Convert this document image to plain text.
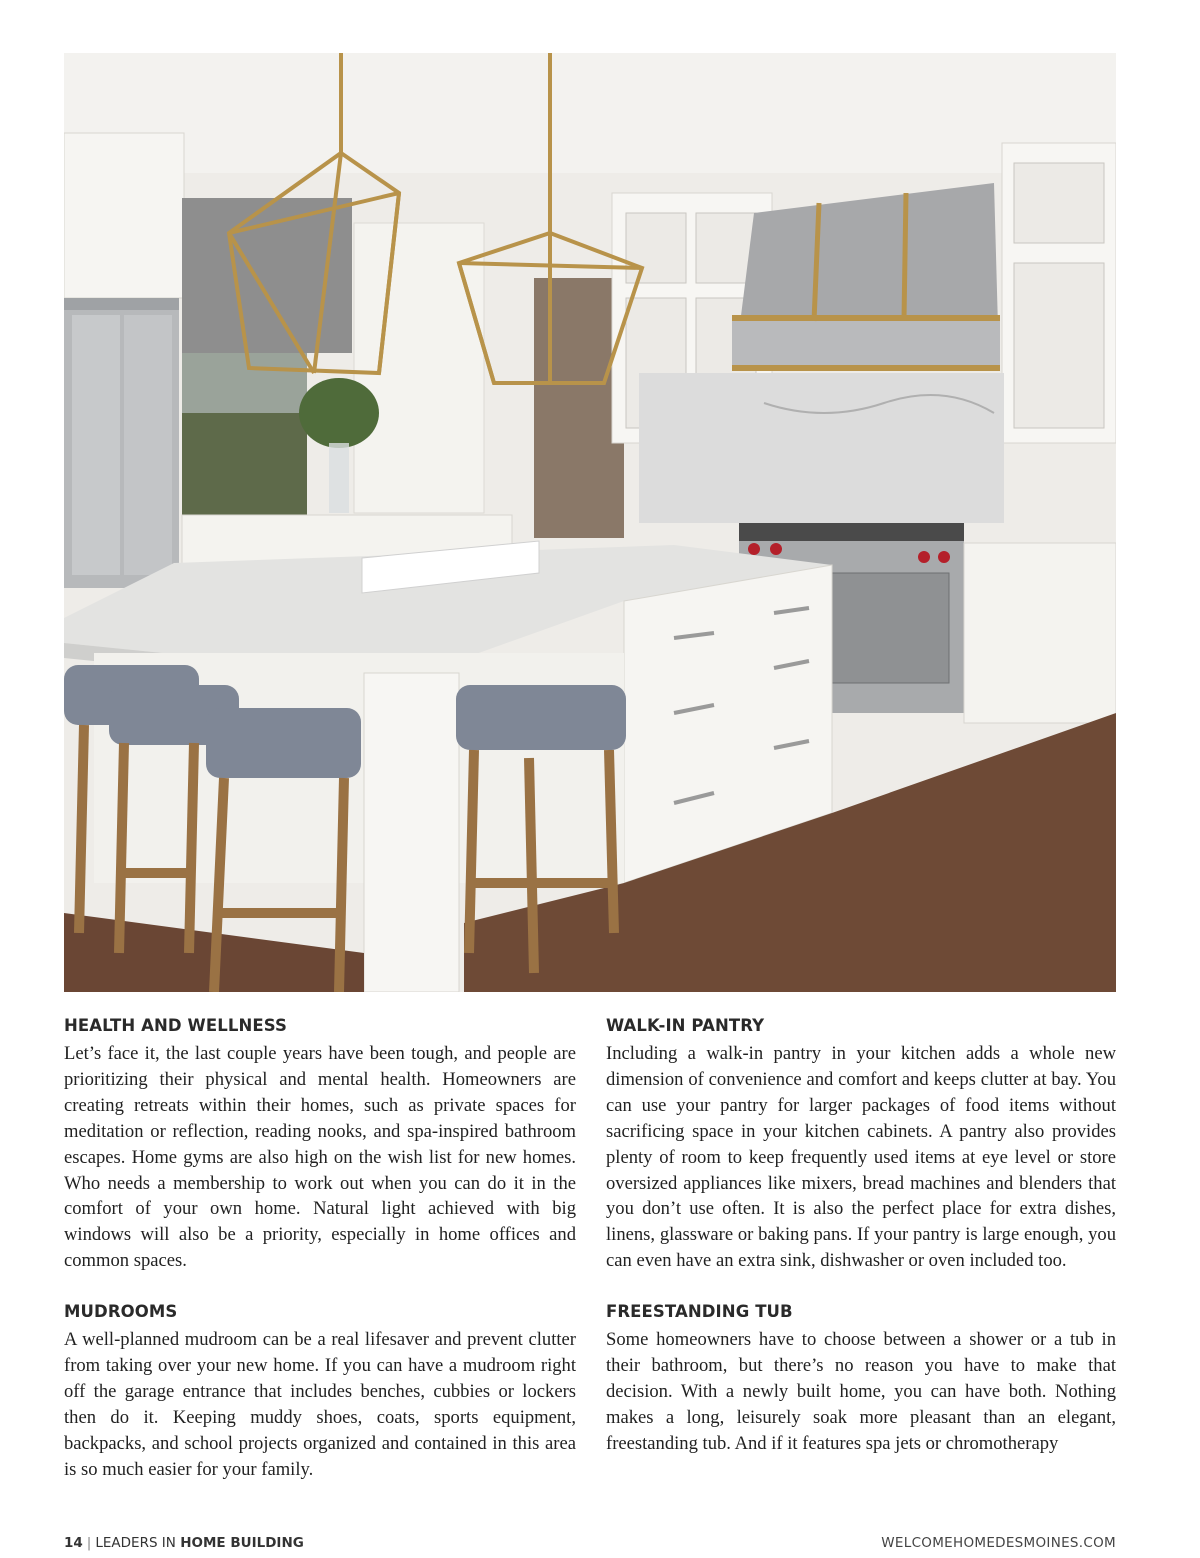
HEALTH AND WELLNESS

Let’s face it, the last couple years have been tough, and people are prioritizing their physical and mental health. Homeowners are creating retreats within their homes, such as private spaces for meditation or reflection, reading nooks, and spa-inspired bathroom escapes. Home gyms are also high on the wish list for new homes. Who needs a membership to work out when you can do it in the comfort of your own home. Natural light achieved with big windows will also be a priority, especially in home offices and common spaces.

MUDROOMS

A well-planned mudroom can be a real lifesaver and prevent clutter from taking over your new home. If you can have a mudroom right off the garage entrance that includes benches, cubbies or lockers then do it. Keeping muddy shoes, coats, sports equipment, backpacks, and school projects organized and contained in this area is so much easier for your family.

WALK-IN PANTRY

Including a walk-in pantry in your kitchen adds a whole new dimension of convenience and comfort and keeps clutter at bay. You can use your pantry for larger packages of food items without sacrificing space in your kitchen cabinets. A pantry also provides plenty of room to keep frequently used items at eye level or store oversized appliances like mixers, bread machines and blenders that you don’t use often. It is also the perfect place for extra dishes, linens, glassware or baking pans. If your pantry is large enough, you can even have an extra sink, dishwasher or oven included too.

FREESTANDING TUB

Some homeowners have to choose between a shower or a tub in their bathroom, but there’s no reason you have to make that decision. With a newly built home, you can have both. Nothing makes a long, leisurely soak more pleasant than an elegant, freestanding tub. And if it features spa jets or chromotherapy

14 | LEADERS IN HOME BUILDING	WELCOMEHOMEDESMOINES.COM
